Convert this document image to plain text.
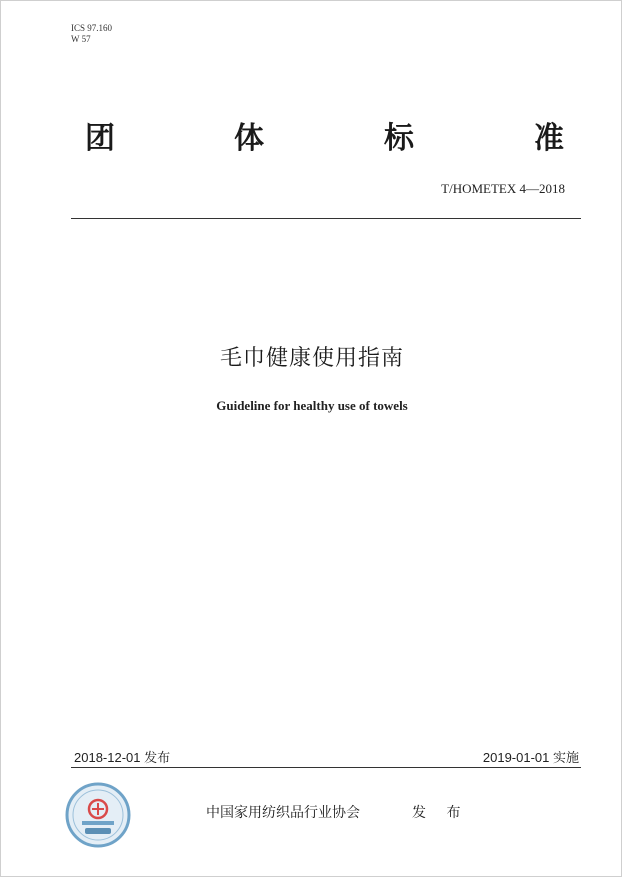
ICS 97.160
W 57
团	体	标	准
T/HOMETEX 4—2018
毛巾健康使用指南
Guideline for healthy use of towels
2018-12-01 发布	2019-01-01 实施
中国家用纺织品行业协会	发 布
